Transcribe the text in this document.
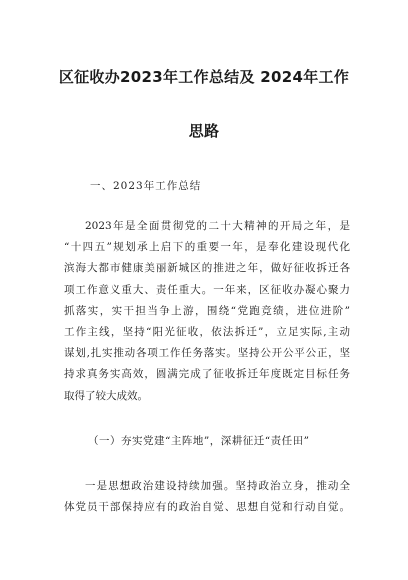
区征收办2023年工作总结及 2024年工作
思路
一、2023年工作总结
2023年是全面贯彻党的二十大精神的开局之年，是
“十四五”规划承上启下的重要一年，是奉化建设现代化
滨海大都市健康美丽新城区的推进之年，做好征收拆迁各
项工作意义重大、责任重大。一年来，区征收办凝心聚力
抓落实，实干担当争上游，围绕“党跑竞绩，进位进阶”
工作主线，坚持“阳光征收，依法拆迁”，立足实际,主动
谋划,扎实推动各项工作任务落实。坚持公开公平公正，坚
持求真务实高效，圆满完成了征收拆迁年度既定目标任务
取得了较大成效。
（一）夯实党建“主阵地”，深耕征迁“责任田”
一是思想政治建设持续加强。坚持政治立身，推动全
体党员干部保持应有的政治自觉、思想自觉和行动自觉。
